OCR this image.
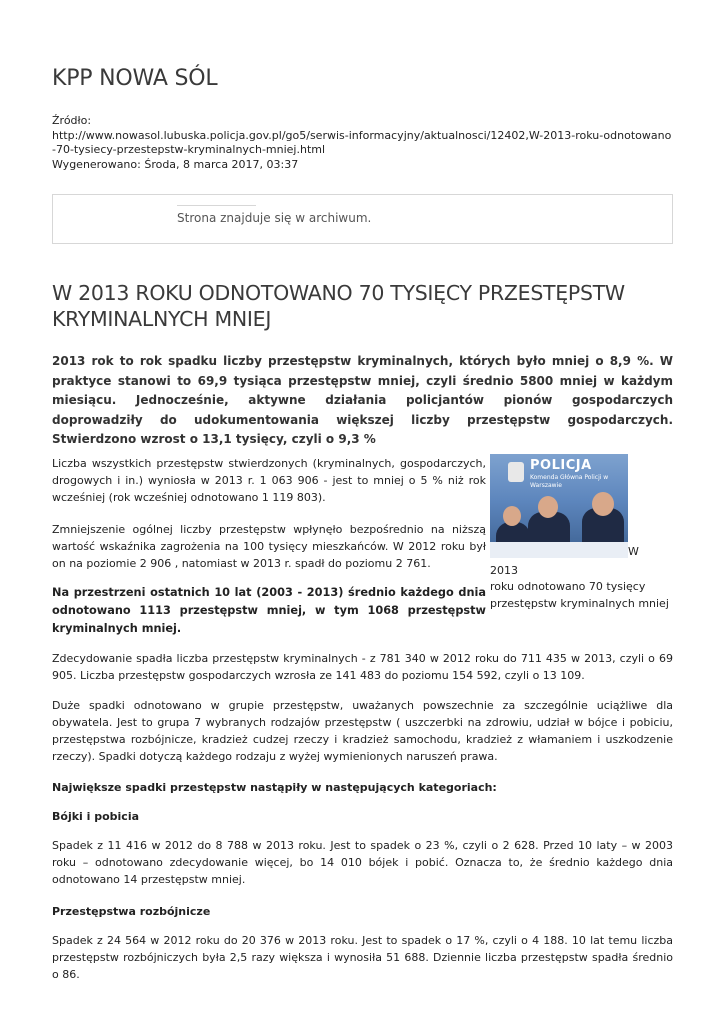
KPP NOWA SÓL
Źródło:
http://www.nowasol.lubuska.policja.gov.pl/go5/serwis-informacyjny/aktualnosci/12402,W-2013-roku-odnotowano-70-tysiecy-przestepstw-kryminalnych-mniej.html
Wygenerowano: Środa, 8 marca 2017, 03:37
Strona znajduje się w archiwum.
W 2013 ROKU ODNOTOWANO 70 TYSIĘCY PRZESTĘPSTW KRYMINALNYCH MNIEJ

2013 rok to rok spadku liczby przestępstw kryminalnych, których było mniej o 8,9 %. W praktyce stanowi to 69,9 tysiąca przestępstw mniej, czyli średnio 5800 mniej w każdym miesiącu. Jednocześnie, aktywne działania policjantów pionów gospodarczych doprowadziły do udokumentowania większej liczby przestępstw gospodarczych. Stwierdzono wzrost o 13,1 tysięcy, czyli o 9,3 %

Liczba wszystkich przestępstw stwierdzonych (kryminalnych, gospodarczych, drogowych i in.) wyniosła w 2013 r. 1 063 906 - jest to mniej o 5 % niż rok wcześniej (rok wcześniej odnotowano 1 119 803).

Zmniejszenie ogólnej liczby przestępstw wpłynęło bezpośrednio na niższą wartość wskaźnika zagrożenia na 100 tysięcy mieszkańców. W 2012 roku był on na poziomie 2 906 , natomiast w 2013 r. spadł do poziomu 2 761.

Na przestrzeni ostatnich 10 lat (2003 - 2013) średnio każdego dnia odnotowano 1113 przestępstw mniej, w tym 1068 przestępstw kryminalnych mniej.

POLICJA
Komenda Główna Policji w Warszawie
W 2013
roku odnotowano 70 tysięcy przestępstw kryminalnych mniej

Zdecydowanie spadła liczba przestępstw kryminalnych - z 781 340 w 2012 roku do 711 435 w 2013, czyli o 69 905. Liczba przestępstw gospodarczych wzrosła ze 141 483 do poziomu 154 592, czyli o 13 109.

Duże spadki odnotowano w grupie przestępstw, uważanych powszechnie za szczególnie uciążliwe dla obywatela. Jest to grupa 7 wybranych rodzajów przestępstw ( uszczerbki na zdrowiu, udział w bójce i pobiciu, przestępstwa rozbójnicze, kradzież cudzej rzeczy i kradzież samochodu, kradzież z włamaniem i uszkodzenie rzeczy). Spadki dotyczą każdego rodzaju z wyżej wymienionych naruszeń prawa.

Największe spadki przestępstw nastąpiły w następujących kategoriach:

Bójki i pobicia

Spadek z 11 416 w 2012 do 8 788 w 2013 roku. Jest to spadek o 23 %, czyli o 2 628. Przed 10 laty – w 2003 roku – odnotowano zdecydowanie więcej, bo 14 010 bójek i pobić. Oznacza to, że średnio każdego dnia odnotowano 14 przestępstw mniej.

Przestępstwa rozbójnicze

Spadek z 24 564 w 2012 roku do 20 376 w 2013 roku. Jest to spadek o 17 %, czyli o 4 188. 10 lat temu liczba przestępstw rozbójniczych była 2,5 razy większa i wynosiła 51 688. Dziennie liczba przestępstw spadła średnio o 86.
